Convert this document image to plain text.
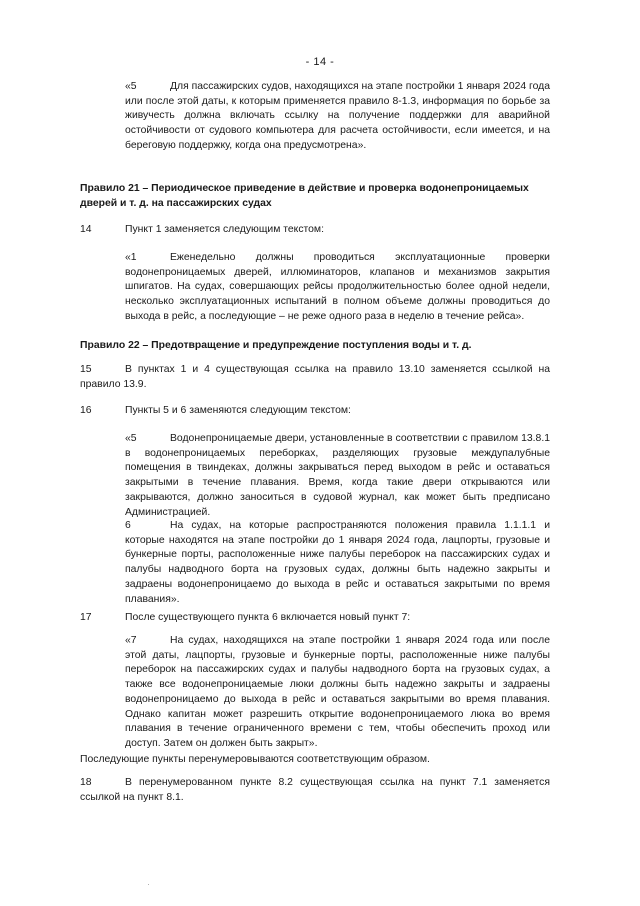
- 14 -
«5	Для пассажирских судов, находящихся на этапе постройки 1 января 2024 года или после этой даты, к которым применяется правило 8-1.3, информация по борьбе за живучесть должна включать ссылку на получение поддержки для аварийной остойчивости от судового компьютера для расчета остойчивости, если имеется, и на береговую поддержку, когда она предусмотрена».
Правило 21 – Периодическое приведение в действие и проверка водонепроницаемых дверей и т. д. на пассажирских судах
14	Пункт 1 заменяется следующим текстом:
«1	Еженедельно должны проводиться эксплуатационные проверки водонепроницаемых дверей, иллюминаторов, клапанов и механизмов закрытия шпигатов. На судах, совершающих рейсы продолжительностью более одной недели, несколько эксплуатационных испытаний в полном объеме должны проводиться до выхода в рейс, а последующие – не реже одного раза в неделю в течение рейса».
Правило 22 – Предотвращение и предупреждение поступления воды и т. д.
15	В пунктах 1 и 4 существующая ссылка на правило 13.10 заменяется ссылкой на правило 13.9.
16	Пункты 5 и 6 заменяются следующим текстом:
«5	Водонепроницаемые двери, установленные в соответствии с правилом 13.8.1 в водонепроницаемых переборках, разделяющих грузовые междупалубные помещения в твиндеках, должны закрываться перед выходом в рейс и оставаться закрытыми в течение плавания. Время, когда такие двери открываются или закрываются, должно заноситься в судовой журнал, как может быть предписано Администрацией.
6	На судах, на которые распространяются положения правила 1.1.1.1 и которые находятся на этапе постройки до 1 января 2024 года, лацпорты, грузовые и бункерные порты, расположенные ниже палубы переборок на пассажирских судах и палубы надводного борта на грузовых судах, должны быть надежно закрыты и задраены водонепроницаемо до выхода в рейс и оставаться закрытыми по время плавания».
17	После существующего пункта 6 включается новый пункт 7:
«7	На судах, находящихся на этапе постройки 1 января 2024 года или после этой даты, лацпорты, грузовые и бункерные порты, расположенные ниже палубы переборок на пассажирских судах и палубы надводного борта на грузовых судах, а также все водонепроницаемые люки должны быть надежно закрыты и задраены водонепроницаемо до выхода в рейс и оставаться закрытыми во время плавания. Однако капитан может разрешить открытие водонепроницаемого люка во время плавания в течение ограниченного времени с тем, чтобы обеспечить проход или доступ. Затем он должен быть закрыт».
Последующие пункты перенумеровываются соответствующим образом.
18	В перенумерованном пункте 8.2 существующая ссылка на пункт 7.1 заменяется ссылкой на пункт 8.1.
